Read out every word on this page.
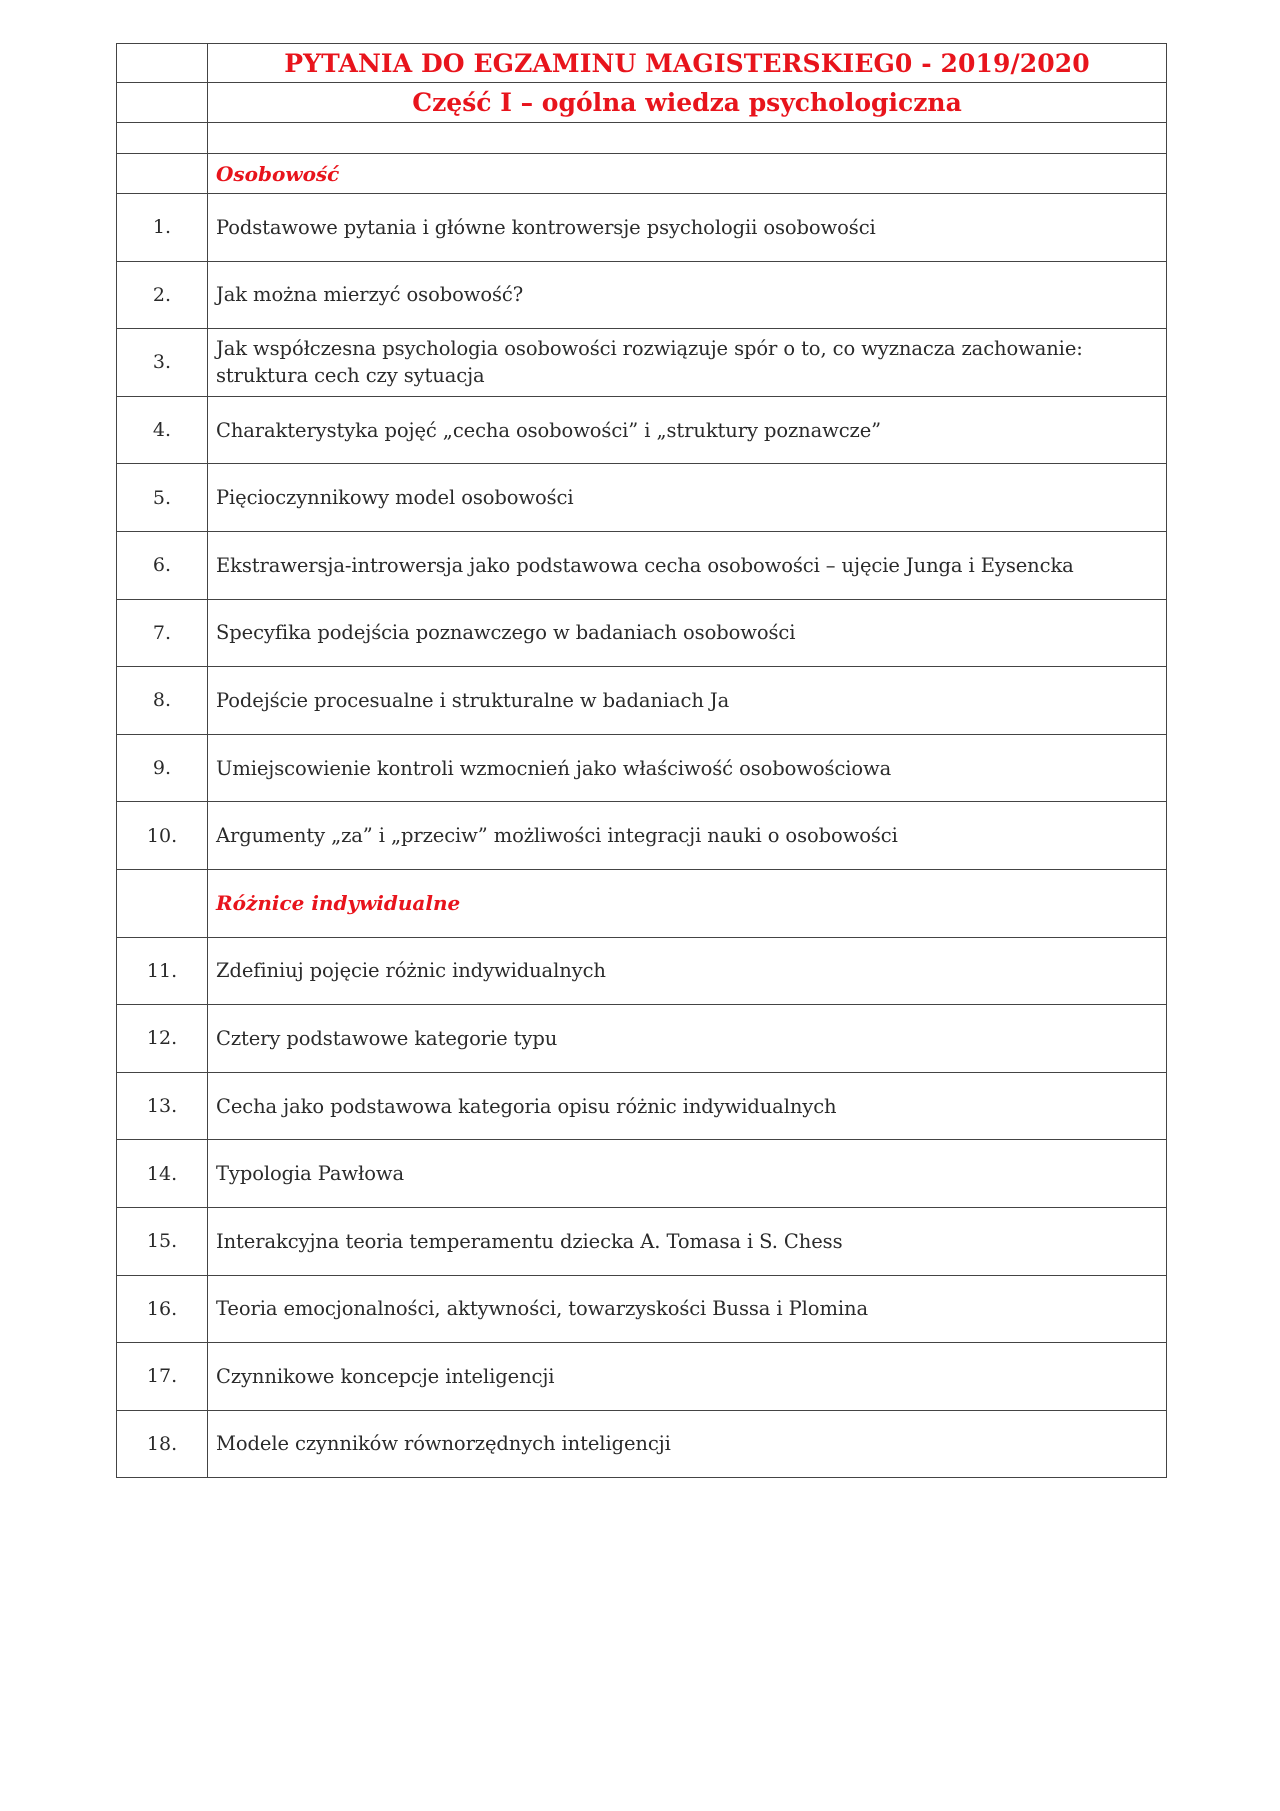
	PYTANIA DO EGZAMINU MAGISTERSKIEG0 - 2019/2020
	Część I – ogólna wiedza psychologiczna

	Osobowość
1.	Podstawowe pytania i główne kontrowersje psychologii osobowości
2.	Jak można mierzyć osobowość?
3.	Jak współczesna psychologia osobowości rozwiązuje spór o to, co wyznacza zachowanie: struktura cech czy sytuacja
4.	Charakterystyka pojęć „cecha osobowości” i „struktury poznawcze”
5.	Pięcioczynnikowy model osobowości
6.	Ekstrawersja-introwersja jako podstawowa cecha osobowości – ujęcie Junga i Eysencka
7.	Specyfika podejścia poznawczego w badaniach osobowości
8.	Podejście procesualne i strukturalne w badaniach Ja
9.	Umiejscowienie kontroli wzmocnień jako właściwość osobowościowa
10.	Argumenty „za” i „przeciw” możliwości integracji nauki o osobowości
	Różnice indywidualne
11.	Zdefiniuj pojęcie różnic indywidualnych
12.	Cztery podstawowe kategorie typu
13.	Cecha jako podstawowa kategoria opisu różnic indywidualnych
14.	Typologia Pawłowa
15.	Interakcyjna teoria temperamentu dziecka A. Tomasa i S. Chess
16.	Teoria emocjonalności, aktywności, towarzyskości Bussa i Plomina
17.	Czynnikowe koncepcje inteligencji
18.	Modele czynników równorzędnych inteligencji
